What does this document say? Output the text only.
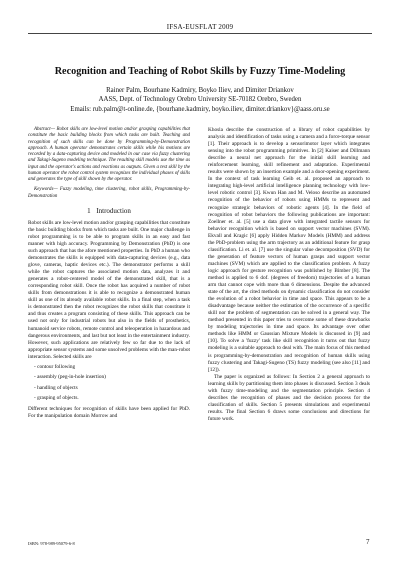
IFSA-EUSFLAT 2009
Recognition and Teaching of Robot Skills by Fuzzy Time-Modeling
Rainer Palm, Bourhane Kadmiry, Boyko Iliev, and Dimiter Driankov
AASS, Dept. of Technology Orebro University SE-70182 Orebro, Sweden
Emails: rub.palm@t-online.de, {bourhane.kadmiry, boyko.iliev, dimiter.driankov}@aass.oru.se

Abstract— Robot skills are low-level motion and/or grasping capabilities that constitute the basic building blocks from which tasks are built. Teaching and recognition of such skills can be done by Programming-by-Demonstration approach. A human operator demonstrates certain skills while his motions are recorded by a data-capturing device and modeled in our case via fuzzy clustering and Takagi-Sugeno modeling technique. The resulting skill models use the time as input and the operator's actions and reactions as outputs. Given a test skill by the human operator the robot control system recognizes the individual phases of skills and generates the type of skill shown by the operator.

Keywords— Fuzzy modeling, time clustering, robot skills, Programming-by-Demonstration

1 Introduction

Robot skills are low-level motion and/or grasping capabilities that constitute the basic building blocks from which tasks are built. One major challenge in robot programming is to be able to program skills in an easy and fast manner with high accuracy. Programming by Demonstration (PbD) is one such approach that has the afore mentioned properties. In PbD a human who demonstrates the skills is equipped with data-capturing devices (e.g., data glove, cameras, haptic devices etc.). The demonstrator performs a skill while the robot captures the associated motion data, analyzes it and generates a robot-centered model of the demonstrated skill, that is a corresponding robot skill. Once the robot has acquired a number of robot skills from demonstrations it is able to recognize a demonstrated human skill as one of its already available robot skills. In a final step, when a task is demonstrated then the robot recognizes the robot skills that constitute it and thus creates a program consisting of these skills. This approach can be used not only for industrial robots but also in the fields of prosthetics, humanoid service robots, remote control and teleoperation in hazardous and dangerous environments, and last but not least in the entertainment industry. However, such applications are relatively few so far due to the lack of appropriate sensor systems and some unsolved problems with the man-robot interaction. Selected skills are

- contour following
- assembly (peg-in-hole insertion)
- handling of objects
- grasping of objects.

Different techniques for recognition of skills have been applied for PbD. For the manipulation domain Morrow and

Khosla describe the construction of a library of robot capabilities by analysis and identification of tasks using a camera and a force-torque sensor [1]. Their approach is to develop a sensorimotor layer which integrates sensing into the robot programming primitives. In [2] Kaiser and Dillmann describe a neural net approach for the initial skill learning and reinforcement learning, skill refinement and adaptation. Experimental results were shown by an insertion example and a door-opening experiment. In the context of task learning Geib et. al. proposed an approach to integrating high-level artificial intelligence planning technology with low-level robotic control [3]. Kwun Han and M. Veloso describe an automated recognition of the behavior of robots using HMMs to represent and recognize strategic behaviors of robotic agents [4]. In the field of recognition of robot behaviors the following publications are important: Zoellner et. al. [5] use a data glove with integrated tactile sensors for behavior recognition which is based on support vector machines (SVM). Ekvall and Kragic [6] apply Hidden Markov Models (HMM) and address the PbD-problem using the arm trajectory as an additional feature for grasp classification. Li et. al. [7] use the singular value decomposition (SVD) for the generation of feature vectors of human grasps and support vector machines (SVM) which are applied to the classification problem. A fuzzy logic approach for gesture recognition was published by Bimber [8]. The method is applied to 6 dof. (degrees of freedom) trajectories of a human arm that cannot cope with more than 6 dimensions. Despite the advanced state of the art, the cited methods on dynamic classification do not consider the evolution of a robot behavior in time and space. This appears to be a disadvantage because neither the estimation of the occurrence of a specific skill nor the problem of segmentation can be solved in a general way. The method presented in this paper tries to overcome some of these drawbacks by modeling trajectories in time and space. Its advantage over other methods like HMM or Gaussian Mixture Models is discussed in [9] and [10]. To solve a 'fuzzy' task like skill recognition it turns out that fuzzy modeling is a suitable approach to deal with. The main focus of this method is programming-by-demonstration and recognition of human skills using fuzzy clustering and Takagi-Sugeno (TS) fuzzy modeling (see also [11] and [12]).

The paper is organized as follows: In Section 2 a general approach to learning skills by partitioning them into phases is discussed. Section 3 deals with fuzzy time-modeling and the segmentation principle. Section 4 describes the recognition of phases and the decision process for the classification of skills. Section 5 presents simulations and experimental results. The final Section 6 draws some conclusions and directions for future work.

ISBN: 978-989-95079-6-8	7
